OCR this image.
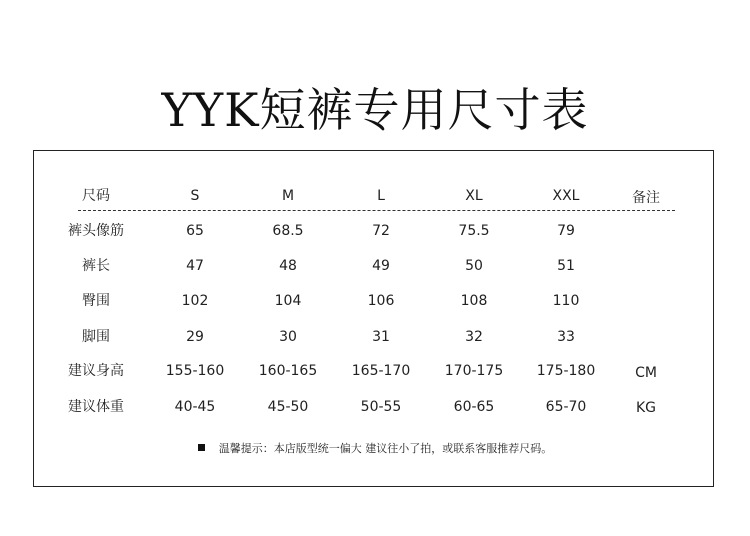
YYK短裤专用尺寸表
尺码	S	M	L	XL	XXL	备注
裤头像筋	65	68.5	72	75.5	79
裤长	47	48	49	50	51
臀围	102	104	106	108	110
脚围	29	30	31	32	33
建议身高	155-160	160-165	165-170	170-175	175-180	CM
建议体重	40-45	45-50	50-55	60-65	65-70	KG
温馨提示：本店版型统一偏大 建议往小了拍，或联系客服推荐尺码。
